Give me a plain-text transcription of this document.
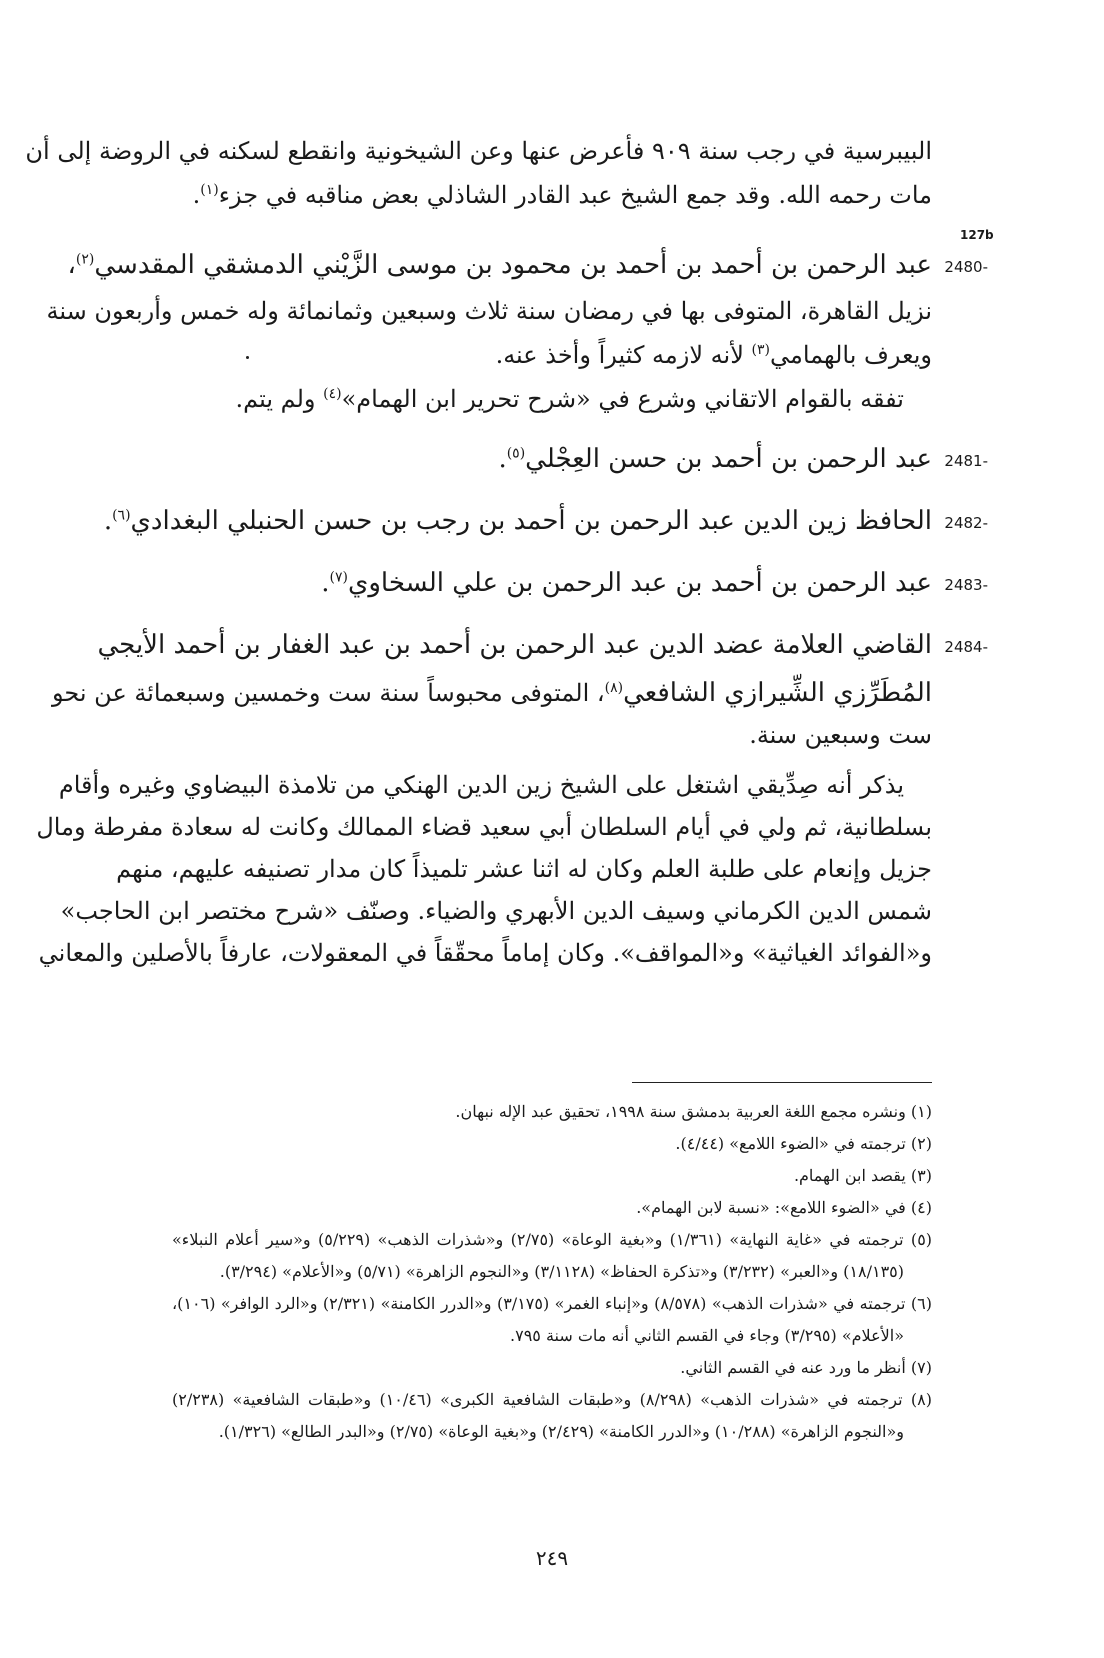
البيبرسية في رجب سنة ٩٠٩ فأعرض عنها وعن الشيخونية وانقطع لسكنه في الروضة إلى أن
مات رحمه الله. وقد جمع الشيخ عبد القادر الشاذلي بعض مناقبه في جزء$^{(١)}$.
127b
2480-
عبد الرحمن بن أحمد بن أحمد بن محمود بن موسى الزَّيْني الدمشقي المقدسي$^{(٢)}$،
نزيل القاهرة، المتوفى بها في رمضان سنة ثلاث وسبعين وثمانمائة وله خمس وأربعون سنة
ويعرف بالهمامي$^{(٣)}$ لأنه لازمه كثيراً وأخذ عنه.
تفقه بالقوام الاتقاني وشرع في «شرح تحرير ابن الهمام»$^{(٤)}$ ولم يتم.
2481-
عبد الرحمن بن أحمد بن حسن العِجْلي$^{(٥)}$.
2482-
الحافظ زين الدين عبد الرحمن بن أحمد بن رجب بن حسن الحنبلي البغدادي$^{(٦)}$.
2483-
عبد الرحمن بن أحمد بن عبد الرحمن بن علي السخاوي$^{(٧)}$.
2484-
القاضي العلامة عضد الدين عبد الرحمن بن أحمد بن عبد الغفار بن أحمد الأيجي
المُطَرِّزي الشِّيرازي الشافعي$^{(٨)}$، المتوفى محبوساً سنة ست وخمسين وسبعمائة عن نحو
ست وسبعين سنة.
يذكر أنه صِدِّيقي اشتغل على الشيخ زين الدين الهنكي من تلامذة البيضاوي وغيره وأقام
بسلطانية، ثم ولي في أيام السلطان أبي سعيد قضاء الممالك وكانت له سعادة مفرطة ومال
جزيل وإنعام على طلبة العلم وكان له اثنا عشر تلميذاً كان مدار تصنيفه عليهم، منهم
شمس الدين الكرماني وسيف الدين الأبهري والضياء. وصنّف «شرح مختصر ابن الحاجب»
و«الفوائد الغياثية» و«المواقف». وكان إماماً محقّقاً في المعقولات، عارفاً بالأصلين والمعاني
(١) ونشره مجمع اللغة العربية بدمشق سنة ١٩٩٨، تحقيق عبد الإله نبهان.
(٢) ترجمته في «الضوء اللامع» (٤/٤٤).
(٣) يقصد ابن الهمام.
(٤) في «الضوء اللامع»: «نسبة لابن الهمام».
(٥) ترجمته في «غاية النهاية» (١/٣٦١) و«بغية الوعاة» (٢/٧٥) و«شذرات الذهب» (٥/٢٢٩) و«سير أعلام النبلاء»
(١٨/١٣٥) و«العبر» (٣/٢٣٢) و«تذكرة الحفاظ» (٣/١١٢٨) و«النجوم الزاهرة» (٥/٧١) و«الأعلام» (٣/٢٩٤).
(٦) ترجمته في «شذرات الذهب» (٨/٥٧٨) و«إنباء الغمر» (٣/١٧٥) و«الدرر الكامنة» (٢/٣٢١) و«الرد الوافر» (١٠٦)،
«الأعلام» (٣/٢٩٥) وجاء في القسم الثاني أنه مات سنة ٧٩٥.
(٧) أنظر ما ورد عنه في القسم الثاني.
(٨) ترجمته في «شذرات الذهب» (٨/٢٩٨) و«طبقات الشافعية الكبرى» (١٠/٤٦) و«طبقات الشافعية» (٢/٢٣٨)
و«النجوم الزاهرة» (١٠/٢٨٨) و«الدرر الكامنة» (٢/٤٢٩) و«بغية الوعاة» (٢/٧٥) و«البدر الطالع» (١/٣٢٦).
٢٤٩
